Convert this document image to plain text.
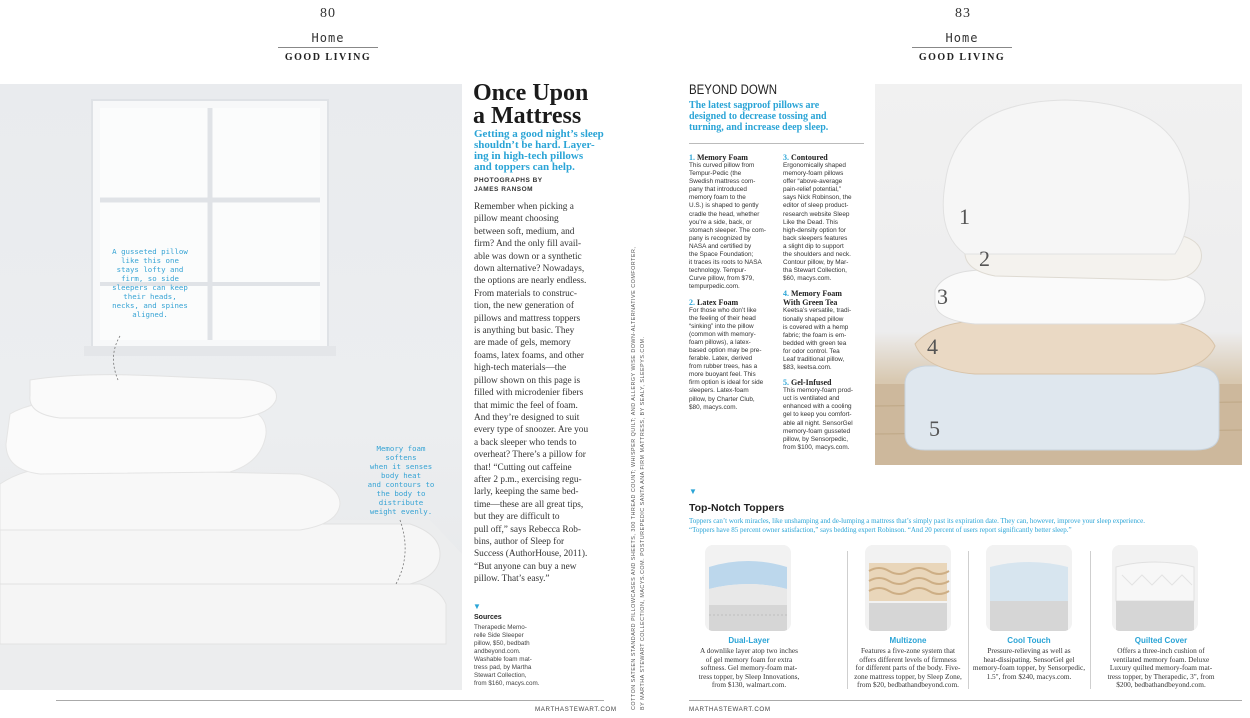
80
Home
GOOD LIVING
A gusseted pillow
like this one
stays lofty and
firm, so side
sleepers can keep
their heads,
necks, and spines
aligned.
Memory foam
softens
when it senses
body heat
and contours to
the body to
distribute
weight evenly.
Once Upon
a Mattress
Getting a good night’s sleep
shouldn’t be hard. Layer-
ing in high-tech pillows
and toppers can help.
PHOTOGRAPHS BY
JAMES RANSOM
Remember when picking a
pillow meant choosing
between soft, medium, and
firm? And the only fill avail-
able was down or a synthetic
down alternative? Nowadays,
the options are nearly endless.
From materials to construc-
tion, the new generation of
pillows and mattress toppers
is anything but basic. They
are made of gels, memory
foams, latex foams, and other
high-tech materials—the
pillow shown on this page is
filled with microdenier fibers
that mimic the feel of foam.
And they’re designed to suit
every type of snoozer. Are you
a back sleeper who tends to
overheat? There’s a pillow for
that! “Cutting out caffeine
after 2 p.m., exercising regu-
larly, keeping the same bed-
time—these are all great tips,
but they are difficult to
pull off,” says Rebecca Rob-
bins, author of Sleep for
Success (AuthorHouse, 2011).
“But anyone can buy a new
pillow. That’s easy.”
▼
Sources
Therapedic Memo-
relle Side Sleeper
pillow, $50, bedbath
andbeyond.com.
Washable foam mat-
tress pad, by Martha
Stewart Collection,
from $160, macys.com.
MARTHASTEWART.COM	COTTON SATEEN STANDARD PILLOWCASES AND SHEETS, 300 THREAD COUNT; WHISPER QUILT; AND ALLERGY WISE DOWN-ALTERNATIVE COMFORTER, BY MARTHA STEWART COLLECTION, MACYS.COM. POSTUREPEDIC SANTA ANA FIRM MATTRESS, BY SEALY, SLEEPYS.COM.
83
Home
GOOD LIVING
BEYOND DOWN
The latest sagproof pillows are
designed to decrease tossing and
turning, and increase deep sleep.
1. Memory Foam
This curved pillow from
Tempur-Pedic (the
Swedish mattress com-
pany that introduced
memory foam to the
U.S.) is shaped to gently
cradle the head, whether
you’re a side, back, or
stomach sleeper. The com-
pany is recognized by
NASA and certified by
the Space Foundation;
it traces its roots to NASA
technology. Tempur-
Curve pillow, from $79,
tempurpedic.com.
2. Latex Foam
For those who don’t like
the feeling of their head
“sinking” into the pillow
(common with memory-
foam pillows), a latex-
based option may be pre-
ferable. Latex, derived
from rubber trees, has a
more buoyant feel. This
firm option is ideal for side
sleepers. Latex-foam
pillow, by Charter Club,
$80, macys.com.
3. Contoured
Ergonomically shaped
memory-foam pillows
offer “above-average
pain-relief potential,”
says Nick Robinson, the
editor of sleep product-
research website Sleep
Like the Dead. This
high-density option for
back sleepers features
a slight dip to support
the shoulders and neck.
Contour pillow, by Mar-
tha Stewart Collection,
$60, macys.com.
4. Memory Foam
With Green Tea
Keetsa’s versatile, tradi-
tionally shaped pillow
is covered with a hemp
fabric; the foam is em-
bedded with green tea
for odor control. Tea
Leaf traditional pillow,
$83, keetsa.com.
5. Gel-Infused
This memory-foam prod-
uct is ventilated and
enhanced with a cooling
gel to keep you comfort-
able all night. SensorGel
memory-foam gusseted
pillow, by Sensorpedic,
from $100, macys.com.
1
2
3
4
5
▼
Top-Notch Toppers
Toppers can’t work miracles, like unshamping and de-lumping a mattress that’s simply past its expiration date. They can, however, improve your sleep experience.
“Toppers have 85 percent owner satisfaction,” says bedding expert Robinson. “And 20 percent of users report significantly better sleep.”
Dual-Layer
A downlike layer atop two inches
of gel memory foam for extra
softness. Gel memory-foam mat-
tress topper, by Sleep Innovations,
from $130, walmart.com.
Multizone
Features a five-zone system that
offers different levels of firmness
for different parts of the body. Five-
zone mattress topper, by Sleep Zone,
from $20, bedbathandbeyond.com.
Cool Touch
Pressure-relieving as well as
heat-dissipating. SensorGel gel
memory-foam topper, by Sensorpedic,
1.5", from $240, macys.com.
Quilted Cover
Offers a three-inch cushion of
ventilated memory foam. Deluxe
Luxury quilted memory-foam mat-
tress topper, by Therapedic, 3", from
$200, bedbathandbeyond.com.
MARTHASTEWART.COM
